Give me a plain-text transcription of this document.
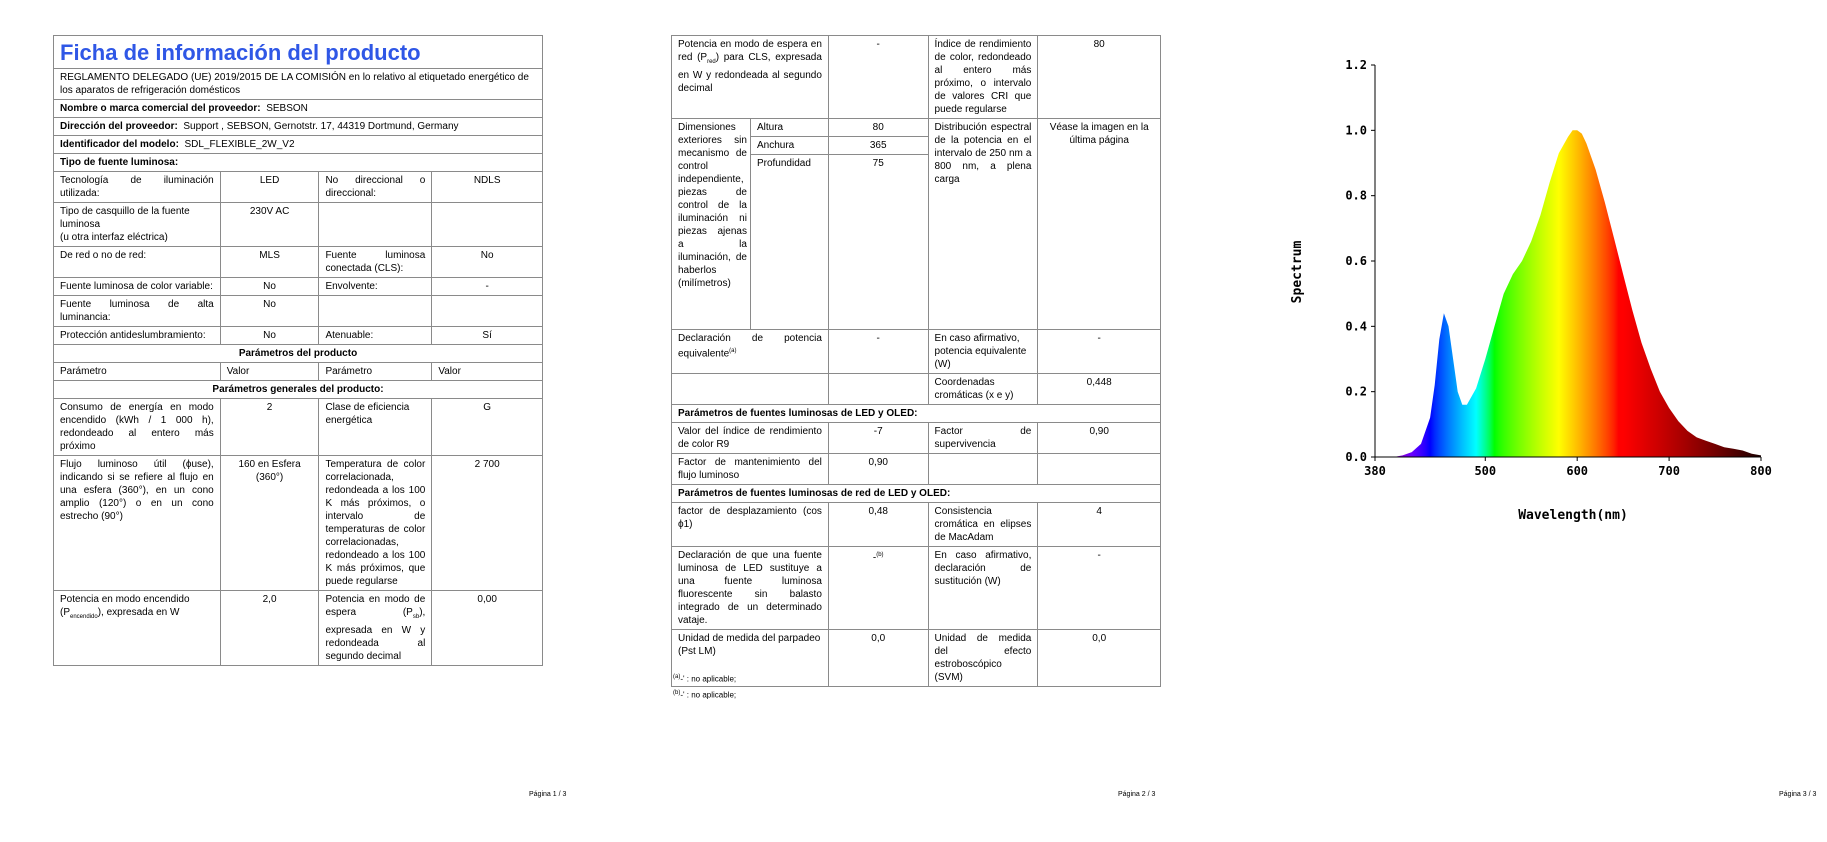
Ficha de información del producto			
REGLAMENTO DELEGADO (UE) 2019/2015 DE LA COMISIÓN en lo relativo al etiquetado energético de los aparatos de refrigeración domésticos			
Nombre o marca comercial del proveedor: SEBSON			
Dirección del proveedor: Support , SEBSON, Gernotstr. 17, 44319 Dortmund, Germany			
Identificador del modelo: SDL_FLEXIBLE_2W_V2			
Tipo de fuente luminosa:			
Tecnología de iluminación utilizada:	LED	No direccional o direccional:	NDLS

Tipo de casquillo de la fuente luminosa
(u otra interfaz eléctrica)	230V AC		
De red o no de red:	MLS	Fuente luminosa conectada (CLS):	No
Fuente luminosa de color variable:	No	Envolvente:	-
Fuente luminosa de alta luminancia:	No		
Protección antideslumbramiento:	No	Atenuable:	Sí
Parámetros del producto			
Parámetro	Valor	Parámetro	Valor
Parámetros generales del producto:			
Consumo de energía en modo encendido (kWh / 1 000 h), redondeado al entero más próximo	2	Clase de eficiencia energética	G
Flujo luminoso útil (ϕuse), indicando si se refiere al flujo en una esfera (360°), en un cono amplio (120°) o en un cono estrecho (90°)	160 en Esfera (360°)	Temperatura de color correlacionada, redondeada a los 100 K más próximos, o intervalo de temperaturas de color correlacionadas, redondeado a los 100 K más próximos, que puede regularse	2 700
Potencia en modo encendido $(P_{encendido})$, expresada en W	2,0	Potencia en modo de espera $(P_{sb})$, expresada en W y redondeada al segundo decimal	0,00
Página 1 / 3
Potencia en modo de espera en red $(P_{red})$ para CLS, expresada en W y redondeada al segundo decimal		-	Índice de rendimiento de color, redondeado al entero más próximo, o intervalo de valores CRI que puede regularse	80
Dimensiones exteriores sin mecanismo de control independiente, piezas de control de la iluminación ni piezas ajenas a la iluminación, de haberlos (milímetros)	Altura	80	Distribución espectral de la potencia en el intervalo de 250 nm a 800 nm, a plena carga	Véase la imagen en la última página
	Anchura	365		
	Profundidad	75		
Declaración de potencia equivalente$^{(a)}$		-	En caso afirmativo, potencia equivalente (W)	-
			Coordenadas cromáticas (x e y)	0,448
Parámetros de fuentes luminosas de LED y OLED:				
Valor del índice de rendimiento de color R9		-7	Factor de supervivencia	0,90
Factor de mantenimiento del flujo luminoso		0,90		
Parámetros de fuentes luminosas de red de LED y OLED:				
factor de desplazamiento (cos ϕ1)		0,48	Consistencia cromática en elipses de MacAdam	4
Declaración de que una fuente luminosa de LED sustituye a una fuente luminosa fluorescente sin balasto integrado de un determinado vataje.		-$^{(b)}$	En caso afirmativo, declaración de sustitución (W)	-
Unidad de medida del parpadeo (Pst LM)		0,0	Unidad de medida del efecto estroboscópico (SVM)	0,0
$^{(a)}$-' : no aplicable;
$^{(b)}$-' : no aplicable;
Página 2 / 3
0.0
0.2
0.4
0.6
0.8
1.0
1.2
380	500	600	700	800
Wavelength(nm)
Spectrum
Página 3 / 3
